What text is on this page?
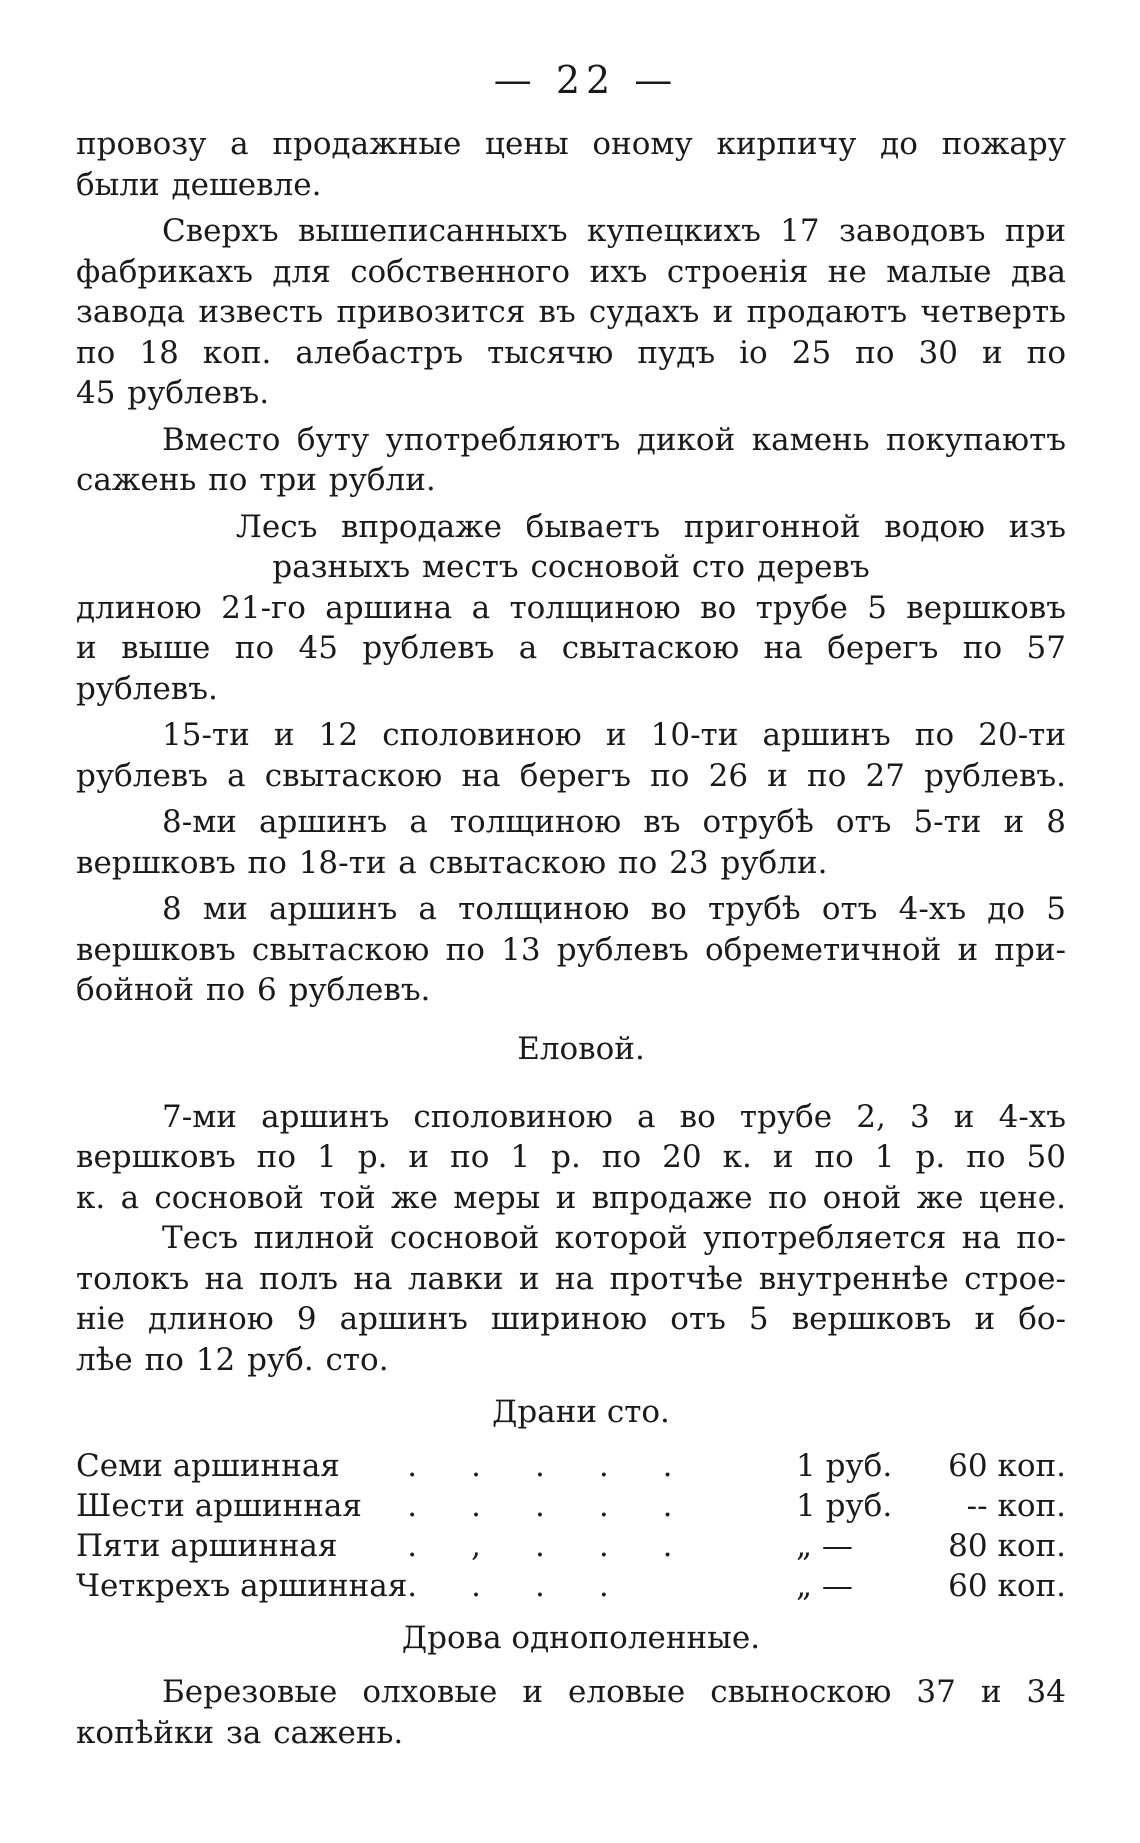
— 22 —
провозу а продажные цены оному кирпичу до пожару
были дешевле.
Сверхъ вышеписанныхъ купецкихъ 17 заводовъ при
фабрикахъ для собственного ихъ строенія не малые два
завода известь привозится въ судахъ и продаютъ четверть
по 18 коп. алебастръ тысячю пудъ іо 25 по 30 и по
45 рублевъ.
Вместо буту употребляютъ дикой камень покупаютъ
сажень по три рубли.
Лесъ впродаже бываетъ пригонной водою изъ
разныхъ местъ сосновой сто деревъ
длиною 21-го аршина а толщиною во трубе 5 вершковъ
и выше по 45 рублевъ а свытаскою на берегъ по 57
рублевъ.
15-ти и 12 споловиною и 10-ти аршинъ по 20-ти
рублевъ а свытаскою на берегъ по 26 и по 27 рублевъ.
8-ми аршинъ а толщиною въ отрубѣ отъ 5-ти и 8
вершковъ по 18-ти а свытаскою по 23 рубли.
8 ми аршинъ а толщиною во трубѣ отъ 4-хъ до 5
вершковъ свытаскою по 13 рублевъ обреметичной и при-
бойной по 6 рублевъ.
Еловой.
7-ми аршинъ споловиною а во трубе 2, 3 и 4-хъ
вершковъ по 1 р. и по 1 р. по 20 к. и по 1 р. по 50
к. а сосновой той же меры и впродаже по оной же цене.
Тесъ пилной сосновой которой употребляется на по-
толокъ на полъ на лавки и на протчѣе внутреннѣе строе-
ніе длиною 9 аршинъ шириною отъ 5 вершковъ и бо-
лѣе по 12 руб. сто.
Драни сто.
Семи аршинная	.....	1 руб.	60 коп.
Шести аршинная	.....	1 руб.	-- коп.
Пяти аршинная	.,...	„ —	80 коп.
Четкрехъ аршинная	....	„ —	60 коп.
Дрова однополенные.
Березовые олховые и еловые свыноскою 37 и 34
копѣйки за сажень.
